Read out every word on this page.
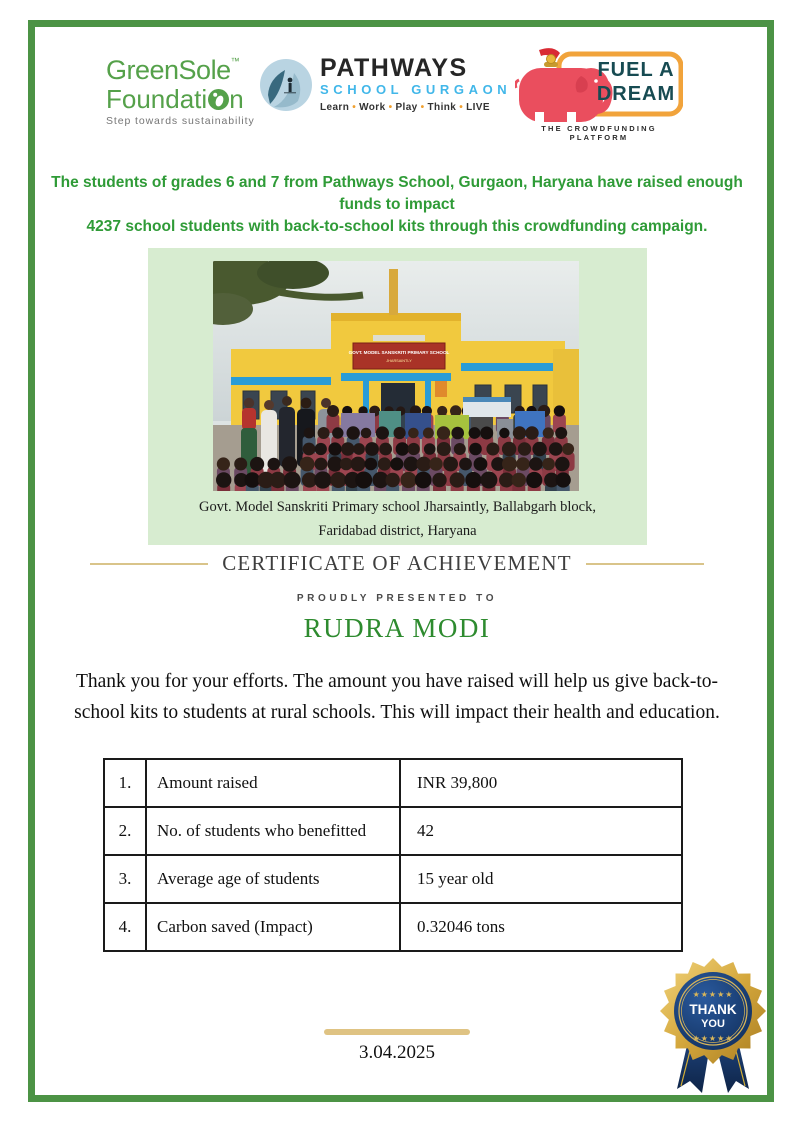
GreenSole™
Foundati n
Step towards sustainability
PATHWAYS
SCHOOL GURGAON
Learn • Work • Play • Think • LIVE
FUEL A
DREAM
THE CROWDFUNDING PLATFORM
The students of grades 6 and 7 from Pathways School, Gurgaon, Haryana have raised enough funds to impact
4237 school students with back-to-school kits through this crowdfunding campaign.
GOVT. MODEL SANSKRITI PRIMARY SCHOOL
JHARSAINTLY
Govt. Model Sanskriti Primary school Jharsaintly, Ballabgarh block,
Faridabad district, Haryana
CERTIFICATE OF ACHIEVEMENT
PROUDLY PRESENTED TO
RUDRA MODI
Thank you for your efforts. The amount you have raised will help us give back-to-
school kits to students at rural schools. This will impact their health and education.
1.	Amount raised	INR 39,800
2.	No. of students who benefitted	42
3.	Average age of students	15 year old
4.	Carbon saved (Impact)	0.32046 tons
3.04.2025
★★★★★
THANK
YOU
★★★★★
